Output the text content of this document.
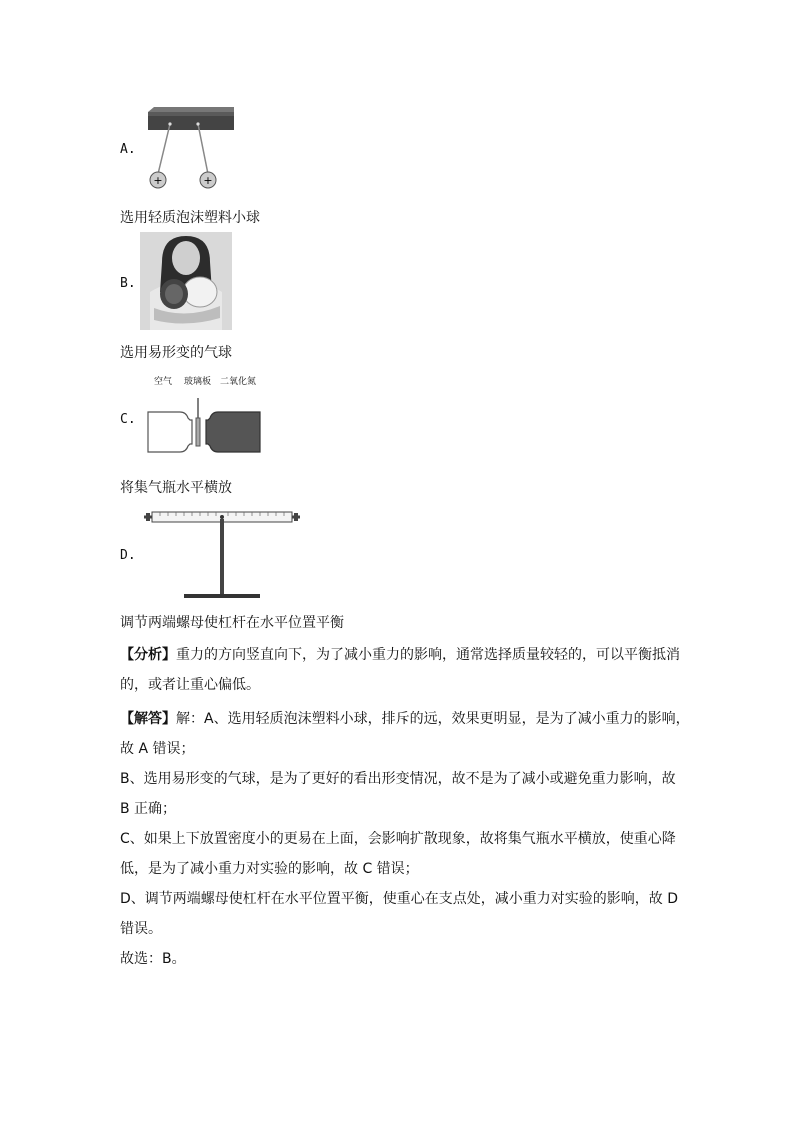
+	+
A.
选用轻质泡沫塑料小球
B.
选用易形变的气球
空气 玻璃板 二氧化氮
C.
将集气瓶水平横放
D.
调节两端螺母使杠杆在水平位置平衡
【分析】重力的方向竖直向下，为了减小重力的影响，通常选择质量较轻的，可以平衡抵消
的，或者让重心偏低。
【解答】解：A、选用轻质泡沫塑料小球，排斥的远，效果更明显，是为了减小重力的影响，
故 A 错误；
B、选用易形变的气球，是为了更好的看出形变情况，故不是为了减小或避免重力影响，故
B 正确；
C、如果上下放置密度小的更易在上面，会影响扩散现象，故将集气瓶水平横放，使重心降
低，是为了减小重力对实验的影响，故 C 错误；
D、调节两端螺母使杠杆在水平位置平衡，使重心在支点处，减小重力对实验的影响，故 D
错误。
故选：B。
